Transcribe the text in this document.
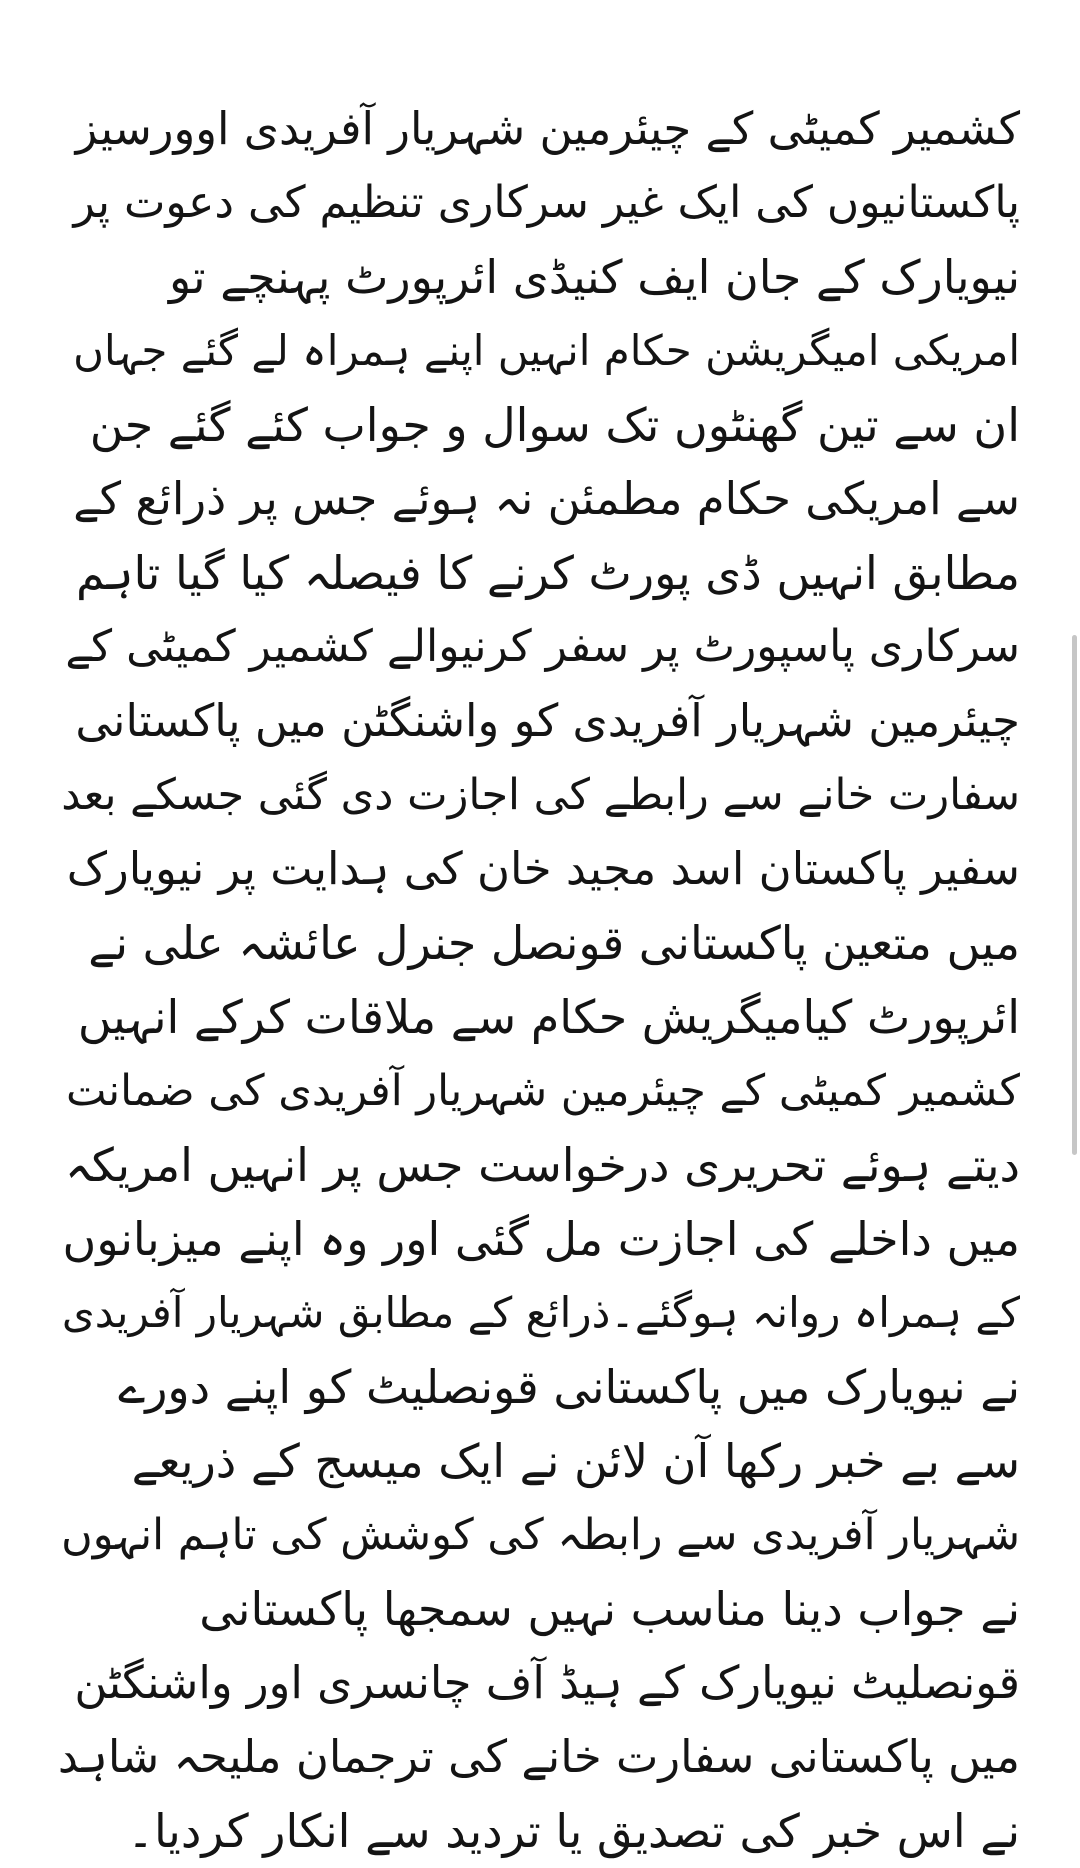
کشمیر کمیٹی کے چیئرمین شہریار آفریدی اوورسیز
پاکستانیوں کی ایک غیر سرکاری تنظیم کی دعوت پر
نیویارک کے جان ایف کنیڈی ائرپورٹ پہنچے تو
امریکی امیگریشن حکام انہیں اپنے ہمراہ لے گئے جہاں
ان سے تین گھنٹوں تک سوال و جواب کئے گئے جن
سے امریکی حکام مطمئن نہ ہوئے جس پر ذرائع کے
مطابق انہیں ڈی پورٹ کرنے کا فیصلہ کیا گیا تاہم
سرکاری پاسپورٹ پر سفر کرنیوالے کشمیر کمیٹی کے
چیئرمین شہریار آفریدی کو واشنگٹن میں پاکستانی
سفارت خانے سے رابطے کی اجازت دی گئی جسکے بعد
سفیر پاکستان اسد مجید خان کی ہدایت پر نیویارک
میں متعین پاکستانی قونصل جنرل عائشہ علی نے
ائرپورٹ کیامیگریش حکام سے ملاقات کرکے انہیں
کشمیر کمیٹی کے چیئرمین شہریار آفریدی کی ضمانت
دیتے ہوئے تحریری درخواست جس پر انہیں امریکہ
میں داخلے کی اجازت مل گئی اور وہ اپنے میزبانوں
کے ہمراہ روانہ ہوگئے۔ذرائع کے مطابق شہریار آفریدی
نے نیویارک میں پاکستانی قونصلیٹ کو اپنے دورے
سے بے خبر رکھا آن لائن نے ایک میسج کے ذریعے
شہریار آفریدی سے رابطہ کی کوشش کی تاہم انہوں
نے جواب دینا مناسب نہیں سمجھا پاکستانی
قونصلیٹ نیویارک کے ہیڈ آف چانسری اور واشنگٹن
میں پاکستانی سفارت خانے کی ترجمان ملیحہ شاہد
نے اس خبر کی تصدیق یا تردید سے انکار کردیا۔
